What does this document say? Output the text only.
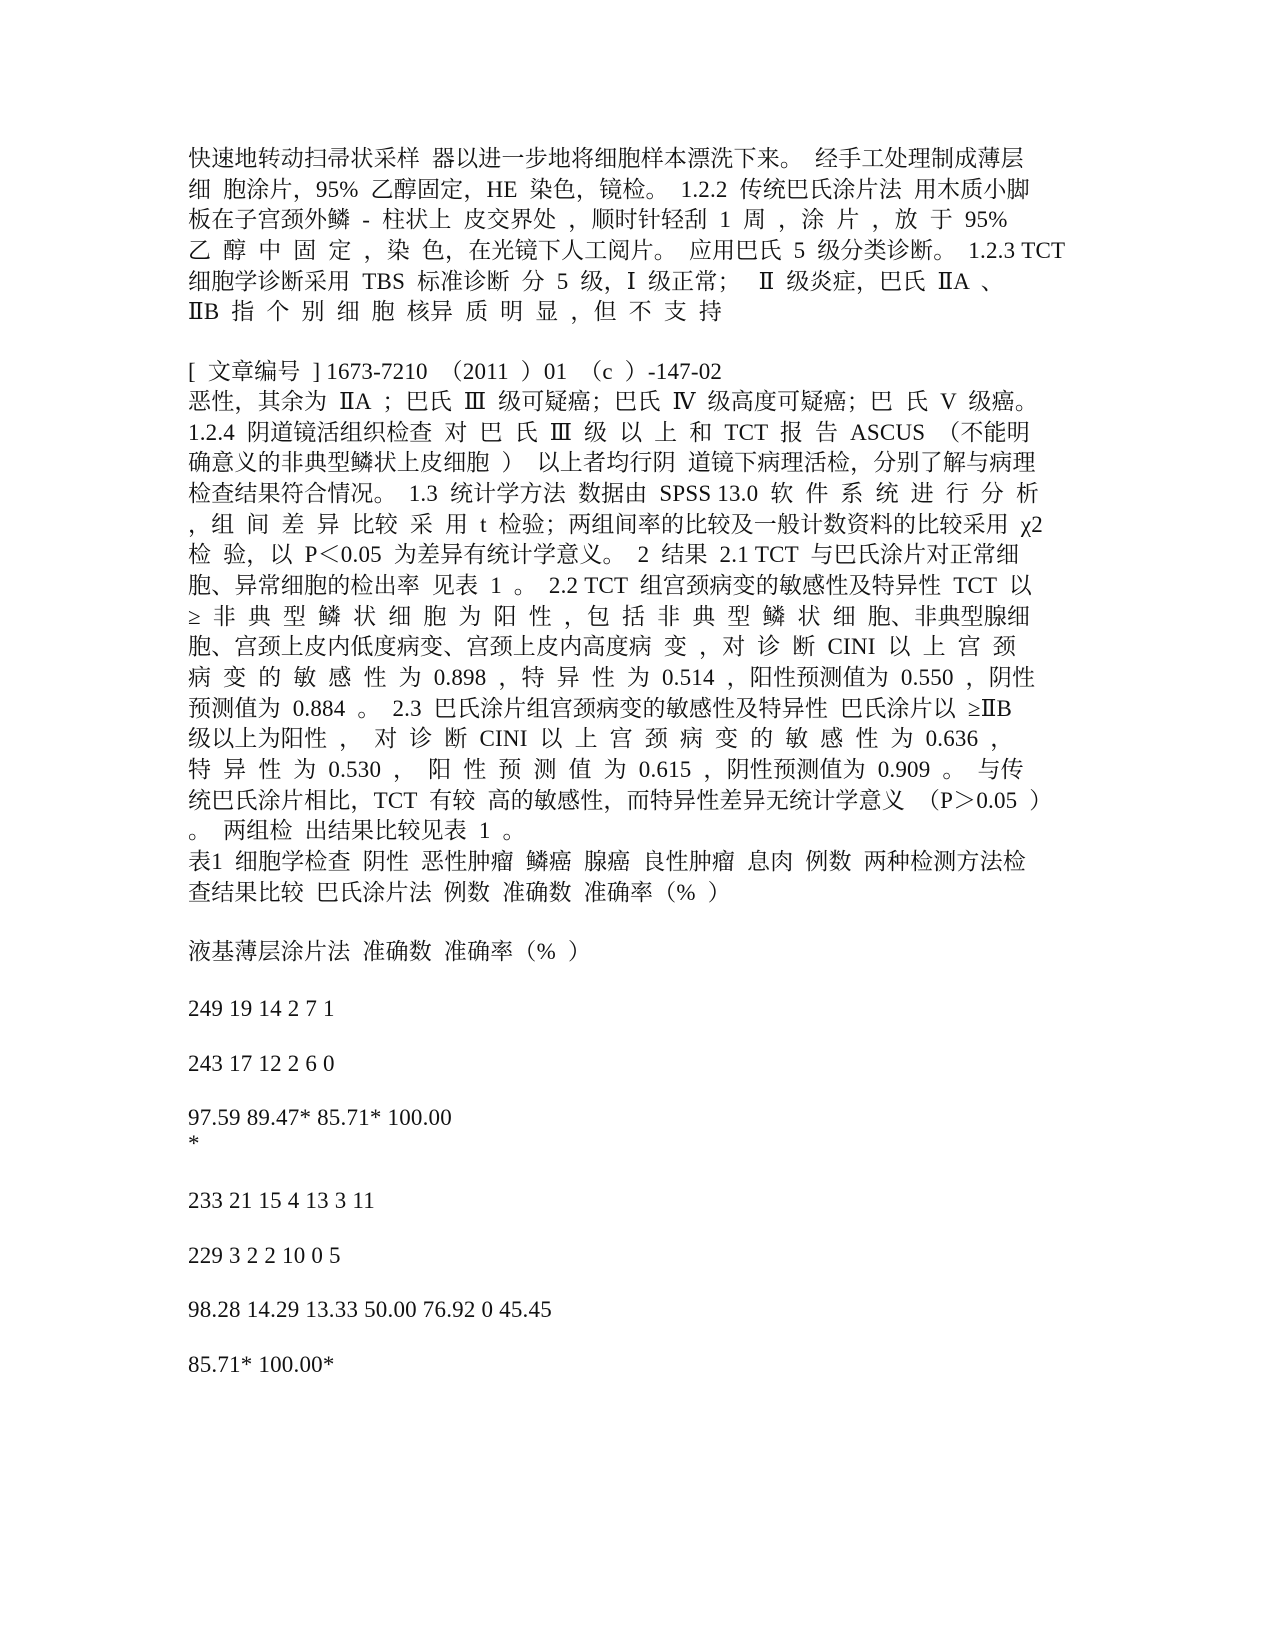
快速地转动扫帚状采样  器以进一步地将细胞样本漂洗下来。  经手工处理制成薄层
细  胞涂片，95%  乙醇固定，HE  染色，镜检。  1.2.2  传统巴氏涂片法  用木质小脚
板在子宫颈外鳞  -  柱状上  皮交界处  ，顺时针轻刮  1  周  ，涂  片  ，放  于  95%
乙  醇  中  固  定  ，染  色，在光镜下人工阅片。  应用巴氏  5  级分类诊断。  1.2.3 TCT
细胞学诊断采用  TBS  标准诊断  分  5  级，Ⅰ  级正常；   Ⅱ  级炎症，巴氏  ⅡA  、
ⅡB  指  个  别  细  胞  核异  质  明  显  ，但  不  支  持
[  文章编号  ] 1673-7210  （2011  ）01  （c  ）-147-02
恶性，其余为  ⅡA  ；巴氏  Ⅲ  级可疑癌；巴氏  Ⅳ  级高度可疑癌；巴  氏  V  级癌。
1.2.4  阴道镜活组织检查  对  巴  氏  Ⅲ  级  以  上  和  TCT  报  告  ASCUS  （不能明
确意义的非典型鳞状上皮细胞  ）  以上者均行阴  道镜下病理活检，分别了解与病理
检查结果符合情况。  1.3  统计学方法  数据由  SPSS 13.0  软  件  系  统  进  行  分  析
，组  间  差  异  比较  采  用  t  检验；两组间率的比较及一般计数资料的比较采用  χ2
检  验，以  P＜0.05  为差异有统计学意义。  2  结果  2.1 TCT  与巴氏涂片对正常细
胞、异常细胞的检出率  见表  1  。  2.2 TCT  组宫颈病变的敏感性及特异性  TCT  以
≥  非  典  型  鳞  状  细  胞  为  阳  性  ，包  括  非  典  型  鳞  状  细  胞、非典型腺细
胞、宫颈上皮内低度病变、宫颈上皮内高度病  变  ，对  诊  断  CINI  以  上  宫  颈
病  变  的  敏  感  性  为  0.898  ，特  异  性  为  0.514  ，阳性预测值为  0.550  ，阴性
预测值为  0.884  。  2.3  巴氏涂片组宫颈病变的敏感性及特异性  巴氏涂片以  ≥ⅡB
级以上为阳性  ，  对  诊  断  CINI  以  上  宫  颈  病  变  的  敏  感  性  为  0.636  ，
特  异  性  为  0.530  ，  阳  性  预  测  值  为  0.615  ，阴性预测值为  0.909  。  与传
统巴氏涂片相比，TCT  有较  高的敏感性，而特异性差异无统计学意义  （P＞0.05  ）
。  两组检  出结果比较见表  1  。
表1  细胞学检查  阴性  恶性肿瘤  鳞癌  腺癌  良性肿瘤  息肉  例数  两种检测方法检
查结果比较  巴氏涂片法  例数  准确数  准确率（%  ）
液基薄层涂片法  准确数  准确率（%  ）
249 19 14 2 7 1
243 17 12 2 6 0
97.59 89.47* 85.71* 100.00
*
233 21 15 4 13 3 11
229 3 2 2 10 0 5
98.28 14.29 13.33 50.00 76.92 0 45.45
85.71* 100.00*
